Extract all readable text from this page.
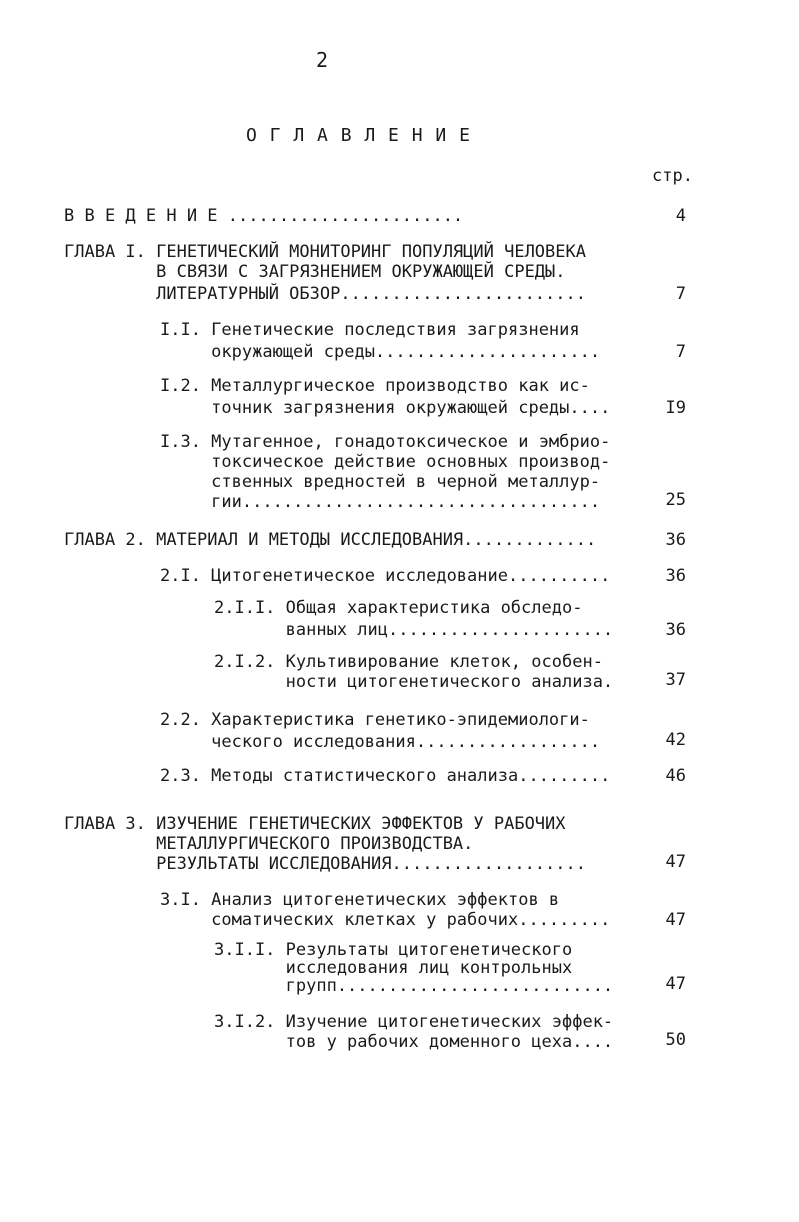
2
О Г Л А В Л Е Н И Е
стр.
В В Е Д Е Н И Е .......................	4
ГЛАВА I. ГЕНЕТИЧЕСКИЙ МОНИТОРИНГ ПОПУЛЯЦИЙ ЧЕЛОВЕКА
В СВЯЗИ С ЗАГРЯЗНЕНИЕМ ОКРУЖАЮЩЕЙ СРЕДЫ.
ЛИТЕРАТУРНЫЙ ОБЗОР........................	7
I.I. Генетические последствия загрязнения
окружающей среды......................	7
I.2. Металлургическое производство как ис-
точник загрязнения окружающей среды....	I9
I.3. Мутагенное, гонадотоксическое и эмбрио-
токсическое действие основных производ-
ственных вредностей в черной металлур-
гии...................................	25
ГЛАВА 2. МАТЕРИАЛ И МЕТОДЫ ИССЛЕДОВАНИЯ.............	36
2.I. Цитогенетическое исследование..........	36
2.I.I. Общая характеристика обследо-
ванных лиц......................	36
2.I.2. Культивирование клеток, особен-
ности цитогенетического анализа.	37
2.2. Характеристика генетико-эпидемиологи-
ческого исследования..................	42
2.3. Методы статистического анализа.........	46
ГЛАВА 3. ИЗУЧЕНИЕ ГЕНЕТИЧЕСКИХ ЭФФЕКТОВ У РАБОЧИХ
МЕТАЛЛУРГИЧЕСКОГО ПРОИЗВОДСТВА.
РЕЗУЛЬТАТЫ ИССЛЕДОВАНИЯ...................	47
3.I. Анализ цитогенетических эффектов в
соматических клетках у рабочих.........	47
3.I.I. Результаты цитогенетического
исследования лиц контрольных
групп...........................	47
3.I.2. Изучение цитогенетических эффек-
тов у рабочих доменного цеха....	50
